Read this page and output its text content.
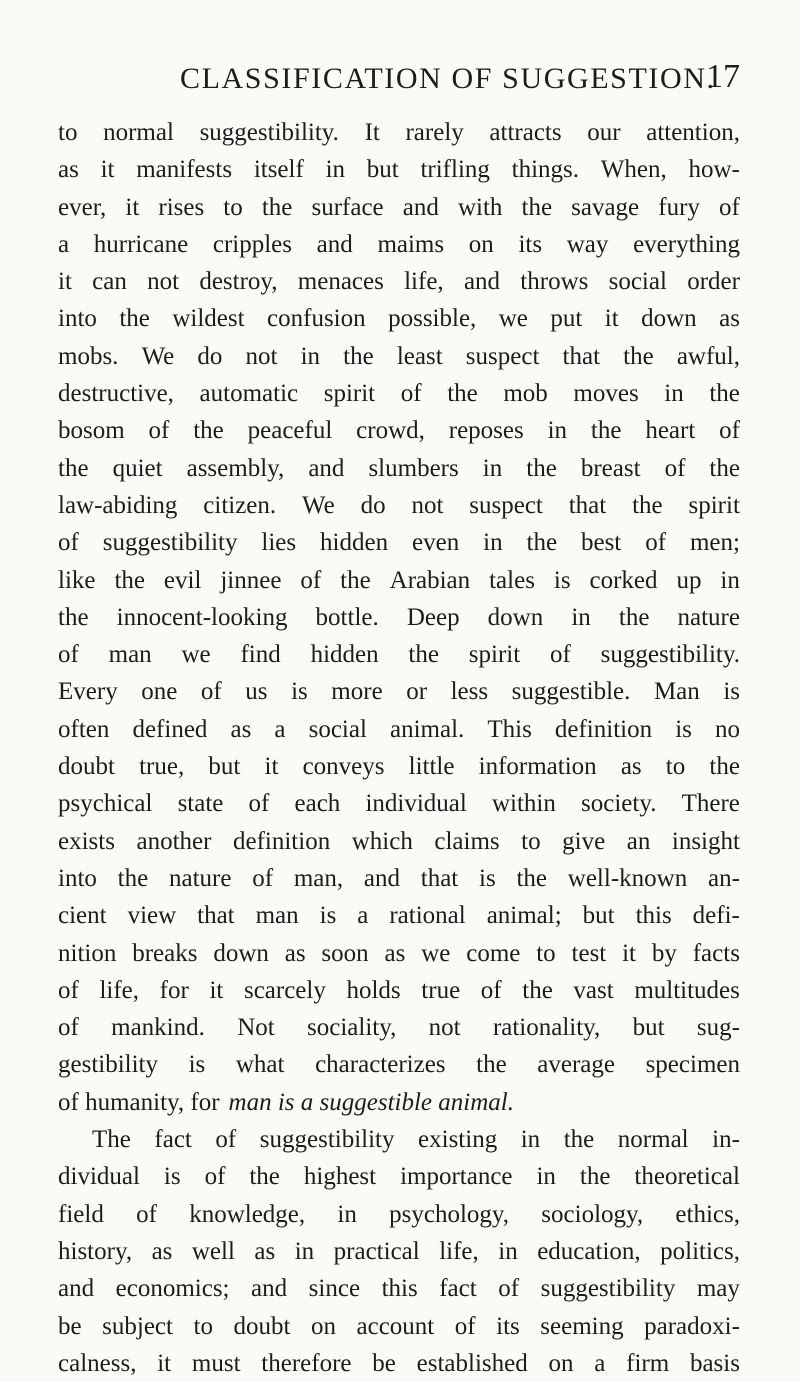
CLASSIFICATION OF SUGGESTION.
17
to normal suggestibility. It rarely attracts our attention,
as it manifests itself in but trifling things. When, how-
ever, it rises to the surface and with the savage fury of
a hurricane cripples and maims on its way everything
it can not destroy, menaces life, and throws social order
into the wildest confusion possible, we put it down as
mobs. We do not in the least suspect that the awful,
destructive, automatic spirit of the mob moves in the
bosom of the peaceful crowd, reposes in the heart of
the quiet assembly, and slumbers in the breast of the
law-abiding citizen. We do not suspect that the spirit
of suggestibility lies hidden even in the best of men;
like the evil jinnee of the Arabian tales is corked up in
the innocent-looking bottle. Deep down in the nature
of man we find hidden the spirit of suggestibility.
Every one of us is more or less suggestible. Man is
often defined as a social animal. This definition is no
doubt true, but it conveys little information as to the
psychical state of each individual within society. There
exists another definition which claims to give an insight
into the nature of man, and that is the well-known an-
cient view that man is a rational animal; but this defi-
nition breaks down as soon as we come to test it by facts
of life, for it scarcely holds true of the vast multitudes
of mankind. Not sociality, not rationality, but sug-
gestibility is what characterizes the average specimen
of humanity, for man is a suggestible animal.
The fact of suggestibility existing in the normal in-
dividual is of the highest importance in the theoretical
field of knowledge, in psychology, sociology, ethics,
history, as well as in practical life, in education, politics,
and economics; and since this fact of suggestibility may
be subject to doubt on account of its seeming paradoxi-
calness, it must therefore be established on a firm basis
